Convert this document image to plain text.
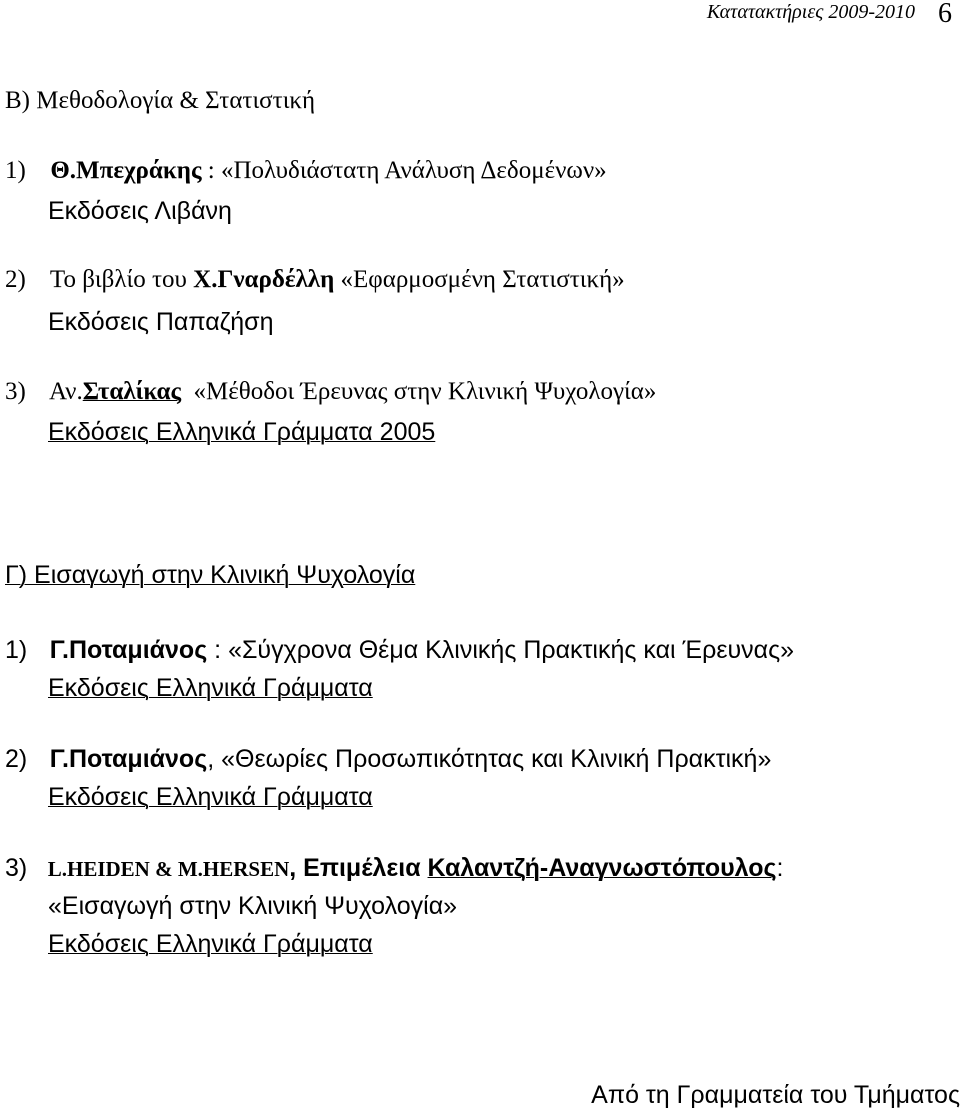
Κατατακτήριες 2009-2010 6
Β) Μεθοδολογία & Στατιστική
1) Θ.Μπεχράκης : «Πολυδιάστατη Ανάλυση Δεδομένων»
Εκδόσεις Λιβάνη
2) Το βιβλίο του Χ.Γναρδέλλη «Εφαρμοσμένη Στατιστική»
Εκδόσεις Παπαζήση
3) Αν.Σταλίκας  «Μέθοδοι Έρευνας στην Κλινική Ψυχολογία»
Εκδόσεις Ελληνικά Γράμματα 2005
Γ) Εισαγωγή στην Κλινική Ψυχολογία
1) Γ.Ποταμιάνος : «Σύγχρονα Θέμα Κλινικής Πρακτικής και Έρευνας»
Εκδόσεις Ελληνικά Γράμματα
2) Γ.Ποταμιάνος, «Θεωρίες Προσωπικότητας και Κλινική Πρακτική»
Εκδόσεις Ελληνικά Γράμματα
3) L.HEIDEN & M.HERSEN, Επιμέλεια Καλαντζή-Αναγνωστόπουλος:
«Εισαγωγή στην Κλινική Ψυχολογία»
Εκδόσεις Ελληνικά Γράμματα
Από τη Γραμματεία του Τμήματος
